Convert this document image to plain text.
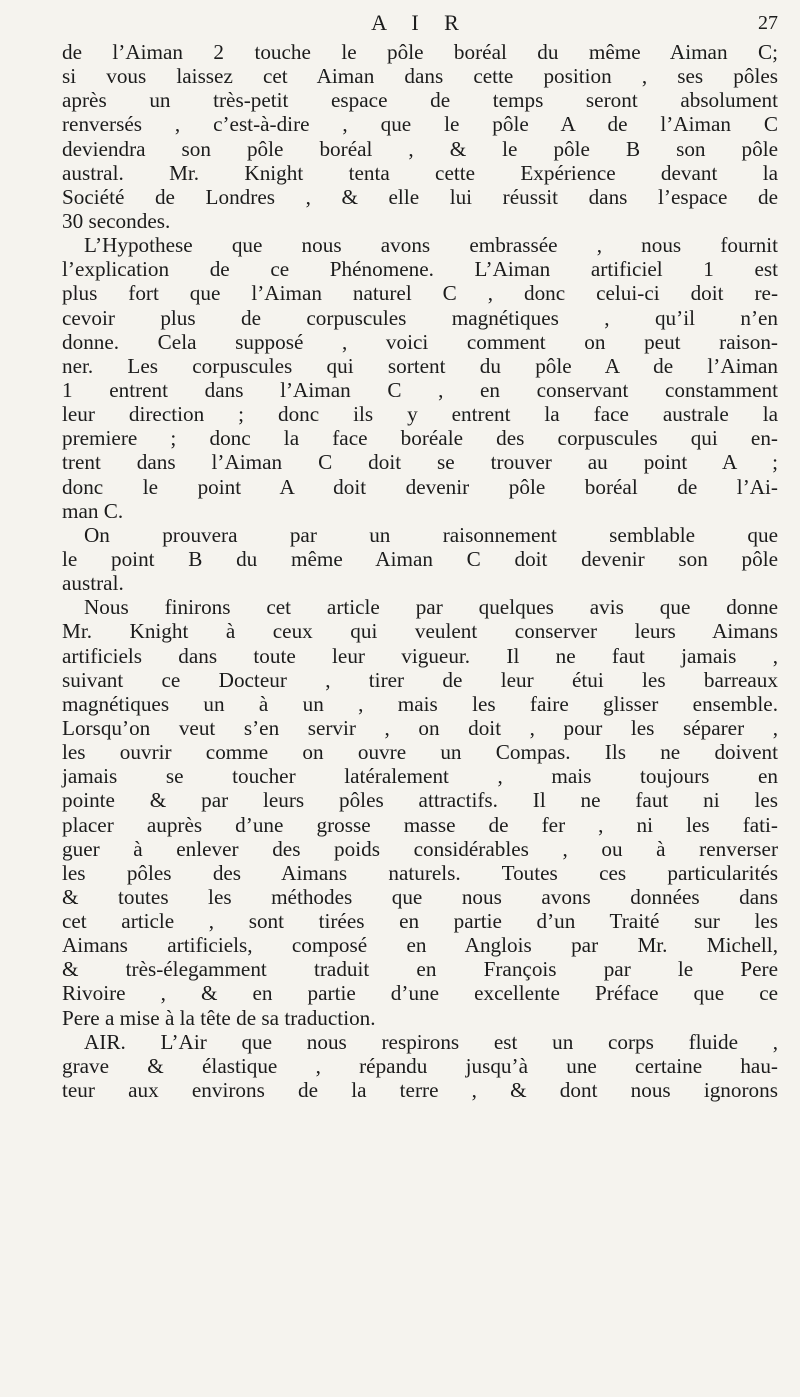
A I R	27
de l’Aiman 2 touche le pôle boréal du même Aiman C;
si vous laissez cet Aiman dans cette position , ses pôles
après un très-petit espace de temps seront absolument
renversés , c’est-à-dire , que le pôle A de l’Aiman C
deviendra son pôle boréal , & le pôle B son pôle
austral. Mr. Knight tenta cette Expérience devant la
Société de Londres , & elle lui réussit dans l’espace de
30 secondes.
L’Hypothese que nous avons embrassée , nous fournit
l’explication de ce Phénomene. L’Aiman artificiel 1 est
plus fort que l’Aiman naturel C , donc celui-ci doit re-
cevoir plus de corpuscules magnétiques , qu’il n’en
donne. Cela supposé , voici comment on peut raison-
ner. Les corpuscules qui sortent du pôle A de l’Aiman
1 entrent dans l’Aiman C , en conservant constamment
leur direction ; donc ils y entrent la face australe la
premiere ; donc la face boréale des corpuscules qui en-
trent dans l’Aiman C doit se trouver au point A ;
donc le point A doit devenir pôle boréal de l’Ai-
man C.
On prouvera par un raisonnement semblable que
le point B du même Aiman C doit devenir son pôle
austral.
Nous finirons cet article par quelques avis que donne
Mr. Knight à ceux qui veulent conserver leurs Aimans
artificiels dans toute leur vigueur. Il ne faut jamais ,
suivant ce Docteur , tirer de leur étui les barreaux
magnétiques un à un , mais les faire glisser ensemble.
Lorsqu’on veut s’en servir , on doit , pour les séparer ,
les ouvrir comme on ouvre un Compas. Ils ne doivent
jamais se toucher latéralement , mais toujours en
pointe & par leurs pôles attractifs. Il ne faut ni les
placer auprès d’une grosse masse de fer , ni les fati-
guer à enlever des poids considérables , ou à renverser
les pôles des Aimans naturels. Toutes ces particularités
& toutes les méthodes que nous avons données dans
cet article , sont tirées en partie d’un Traité sur les
Aimans artificiels, composé en Anglois par Mr. Michell,
& très-élegamment traduit en François par le Pere
Rivoire , & en partie d’une excellente Préface que ce
Pere a mise à la tête de sa traduction.
AIR. L’Air que nous respirons est un corps fluide ,
grave & élastique , répandu jusqu’à une certaine hau-
teur aux environs de la terre , & dont nous ignorons
